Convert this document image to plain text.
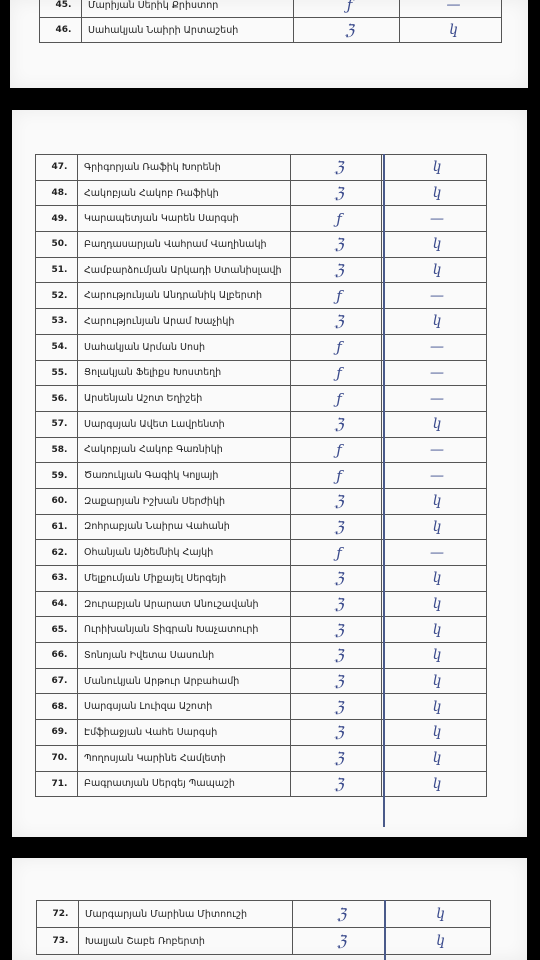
45.	Մարիյան Սերիկ Քրիստոր	ƒ	—
46.	Սահակյան Նաիրի Արտաշեսի	ℨ	կ
47.	Գրիգորյան Ռաֆիկ Խորենի	ℨ	կ
48.	Հակոբյան Հակոբ Ռաֆիկի	ℨ	կ
49.	Կարապետյան Կարեն Սարգսի	ƒ	—
50.	Բաղդասարյան Վահրամ Վաղինակի	ℨ	կ
51.	Համբարձումյան Արկադի Ստանիսլավի	ℨ	կ
52.	Հարությունյան Անդրանիկ Ալբերտի	ƒ	—
53.	Հարությունյան Արամ Խաչիկի	ℨ	կ
54.	Սահակյան Արման Սոսի	ƒ	—
55.	Ցոլակյան Ֆելիքս Խոստեղի	ƒ	—
56.	Արսենյան Աշոտ Եղիշեի	ƒ	—
57.	Սարգսյան Ավետ Լավրենտի	ℨ	կ
58.	Հակոբյան Հակոբ Գառնիկի	ƒ	—
59.	Ծառուկյան Գագիկ Կոլյայի	ƒ	—
60.	Զաքարյան Իշխան Սերժիկի	ℨ	կ
61.	Զոհրաբյան Նաիրա Վահանի	ℨ	կ
62.	Օհանյան Այծեմնիկ Հայկի	ƒ	—
63.	Մելքումյան Միքայել Սերգեյի	ℨ	կ
64.	Զուրաբյան Արարատ Անուշավանի	ℨ	կ
65.	Ուրիխանյան Տիգրան Խաչատուրի	ℨ	կ
66.	Տոնոյան Իվետա Սասունի	ℨ	կ
67.	Մանուկյան Արթուր Արբահամի	ℨ	կ
68.	Սարգսյան Լուիզա Աշոտի	ℨ	կ
69.	Էմֆիաջյան Վահե Սարգսի	ℨ	կ
70.	Պողոսյան Կարինե Համլետի	ℨ	կ
71.	Բագրատյան Սերգեյ Պապաշի	ℨ	կ
72.	Մարգարյան Մարինա Միտոուշի	ℨ	կ
73.	Խալյան Շաբե Ռոբերտի	ℨ	կ
